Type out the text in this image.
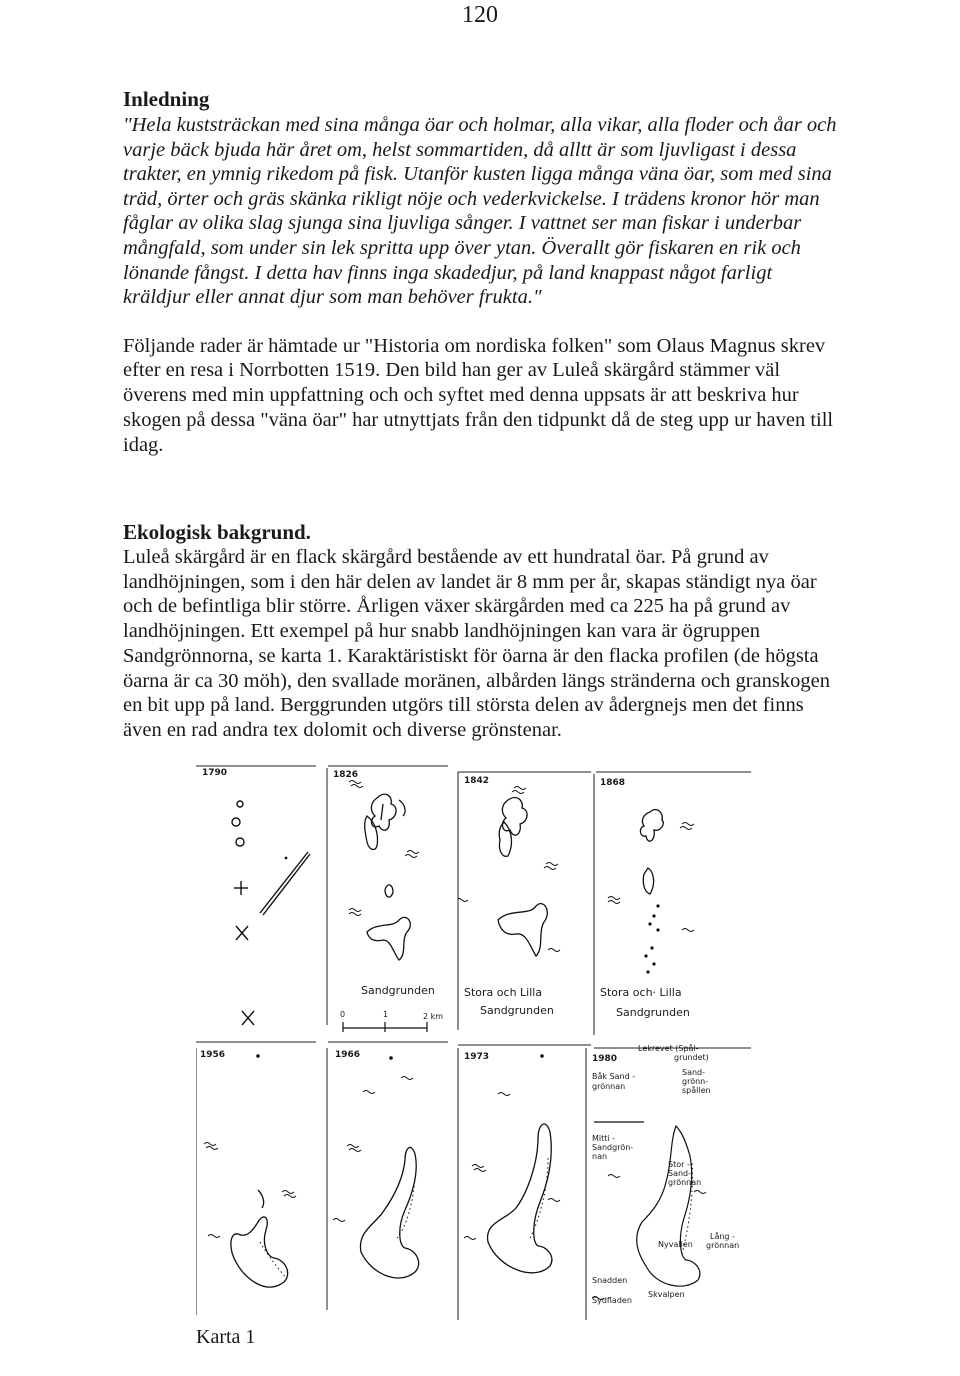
120
Inledning

"Hela kuststräckan med sina många öar och holmar, alla vikar, alla floder och åar och varje bäck bjuda här året om, helst sommartiden, då alltt är som ljuvligast i dessa trakter, en ymnig rikedom på fisk. Utanför kusten ligga många väna öar, som med sina träd, örter och gräs skänka rikligt nöje och vederkvickelse. I trädens kronor hör man fåglar av olika slag sjunga sina ljuvliga sånger. I vattnet ser man fiskar i underbar mångfald, som under sin lek spritta upp över ytan. Överallt gör fiskaren en rik och lönande fångst. I detta hav finns inga skadedjur, på land knappast något farligt kräldjur eller annat djur som man behöver frukta."

Följande rader är hämtade ur "Historia om nordiska folken" som Olaus Magnus skrev efter en resa i Norrbotten 1519. Den bild han ger av Luleå skärgård stämmer väl överens med min uppfattning och och syftet med denna uppsats är att beskriva hur skogen på dessa "väna öar" har utnyttjats från den tidpunkt då de steg upp ur haven till idag.

Ekologisk bakgrund.

Luleå skärgård är en flack skärgård bestående av ett hundratal öar. På grund av landhöjningen, som i den här delen av landet är 8 mm per år, skapas ständigt nya öar och de befintliga blir större. Årligen växer skärgården med ca 225 ha på grund av landhöjningen. Ett exempel på hur snabb landhöjningen kan vara är ögruppen Sandgrönnorna, se karta 1. Karaktäristiskt för öarna är den flacka profilen (de högsta öarna är ca 30 möh), den svallade moränen, albården längs stränderna och granskogen en bit upp på land. Berggrunden utgörs till största delen av ådergnejs men det finns även en rad andra tex dolomit och diverse grönstenar.

1790	1826
Sandgrunden
0	1	2 km
1842
Stora och Lilla
Sandgrunden
1868
Stora och· Lilla
Sandgrunden
1956	1966	1973	1980
Lekrevet (Spål-
grundet)
Båk Sand -
grönnan
Sand-
grönn-
spållen
Mitti -
Sandgrön-
nan
Stor -
Sand-
grönnan
Lång -
grönnan
Nyvallen
Snadden
Sydfladen
Skvalpen
Karta 1
